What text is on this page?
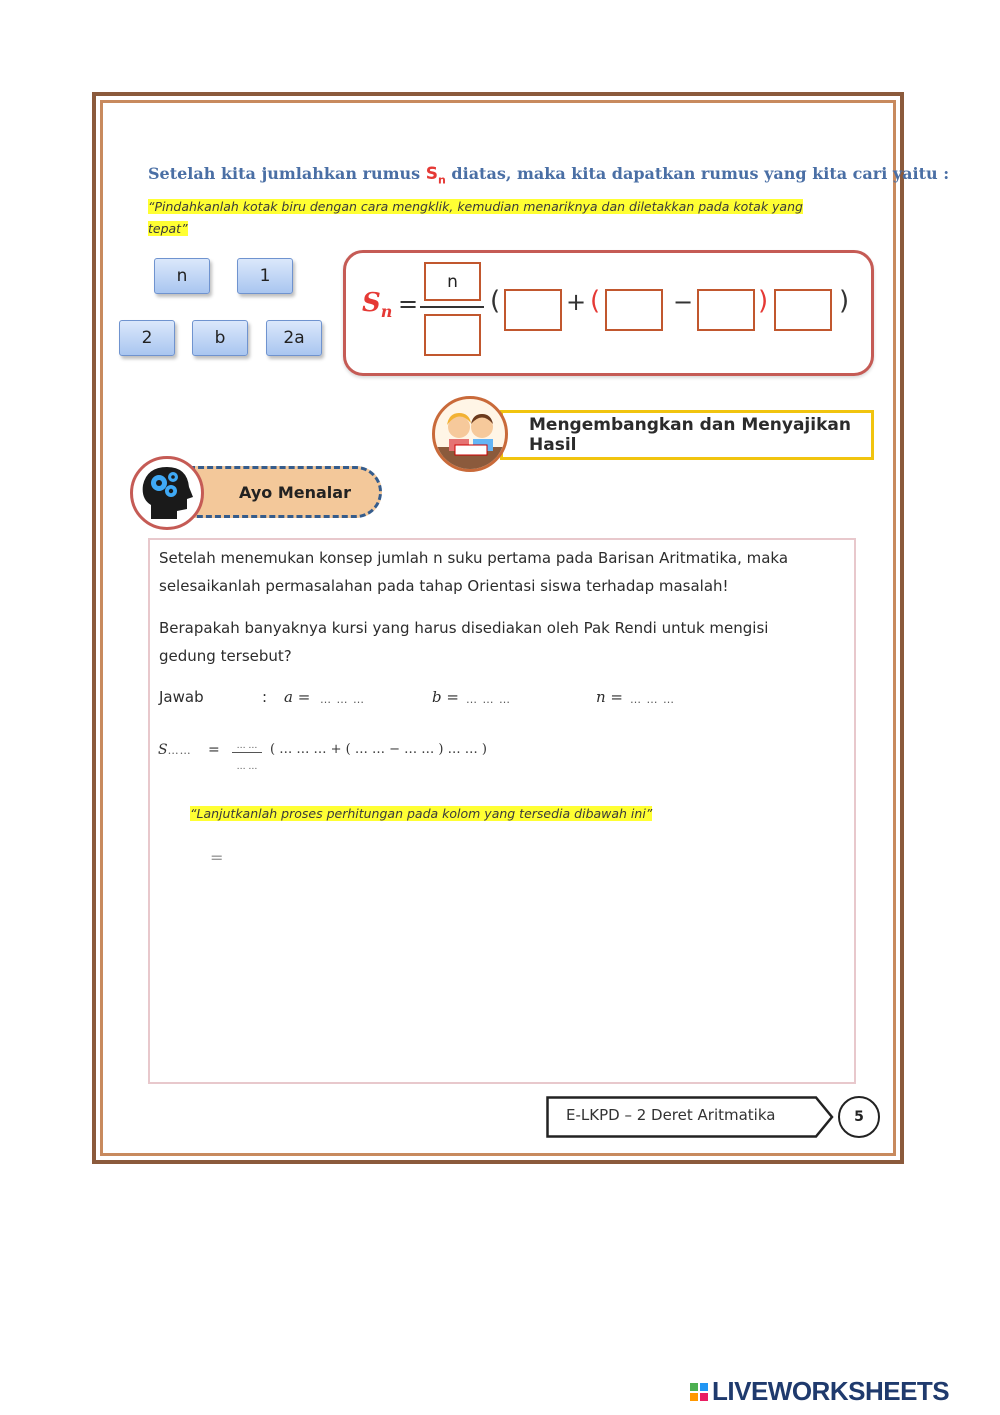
Setelah kita jumlahkan rumus $S_n$ diatas, maka kita dapatkan rumus yang kita cari yaitu :
“Pindahkanlah kotak biru dengan cara mengklik, kemudian menariknya dan diletakkan pada kotak yang tepat”
n	1
2	b	2a
$S_n$ =
n
(	+ (	− )	)
Mengembangkan dan Menyajikan Hasil
Ayo Menalar
Setelah menemukan konsep jumlah n suku pertama pada Barisan Aritmatika, maka
selesaikanlah permasalahan pada tahap Orientasi siswa terhadap masalah!
Berapakah banyaknya kursi yang harus disediakan oleh Pak Rendi untuk mengisi
gedung tersebut?
Jawab	: a = … … …	b = … … …	n = … … …
S…… =	… …
… …
( … … … + ( … … − … … ) … … )
“Lanjutkanlah proses perhitungan pada kolom yang tersedia dibawah ini”
=
E-LKPD – 2 Deret Aritmatika	5
LIVEWORKSHEETS
